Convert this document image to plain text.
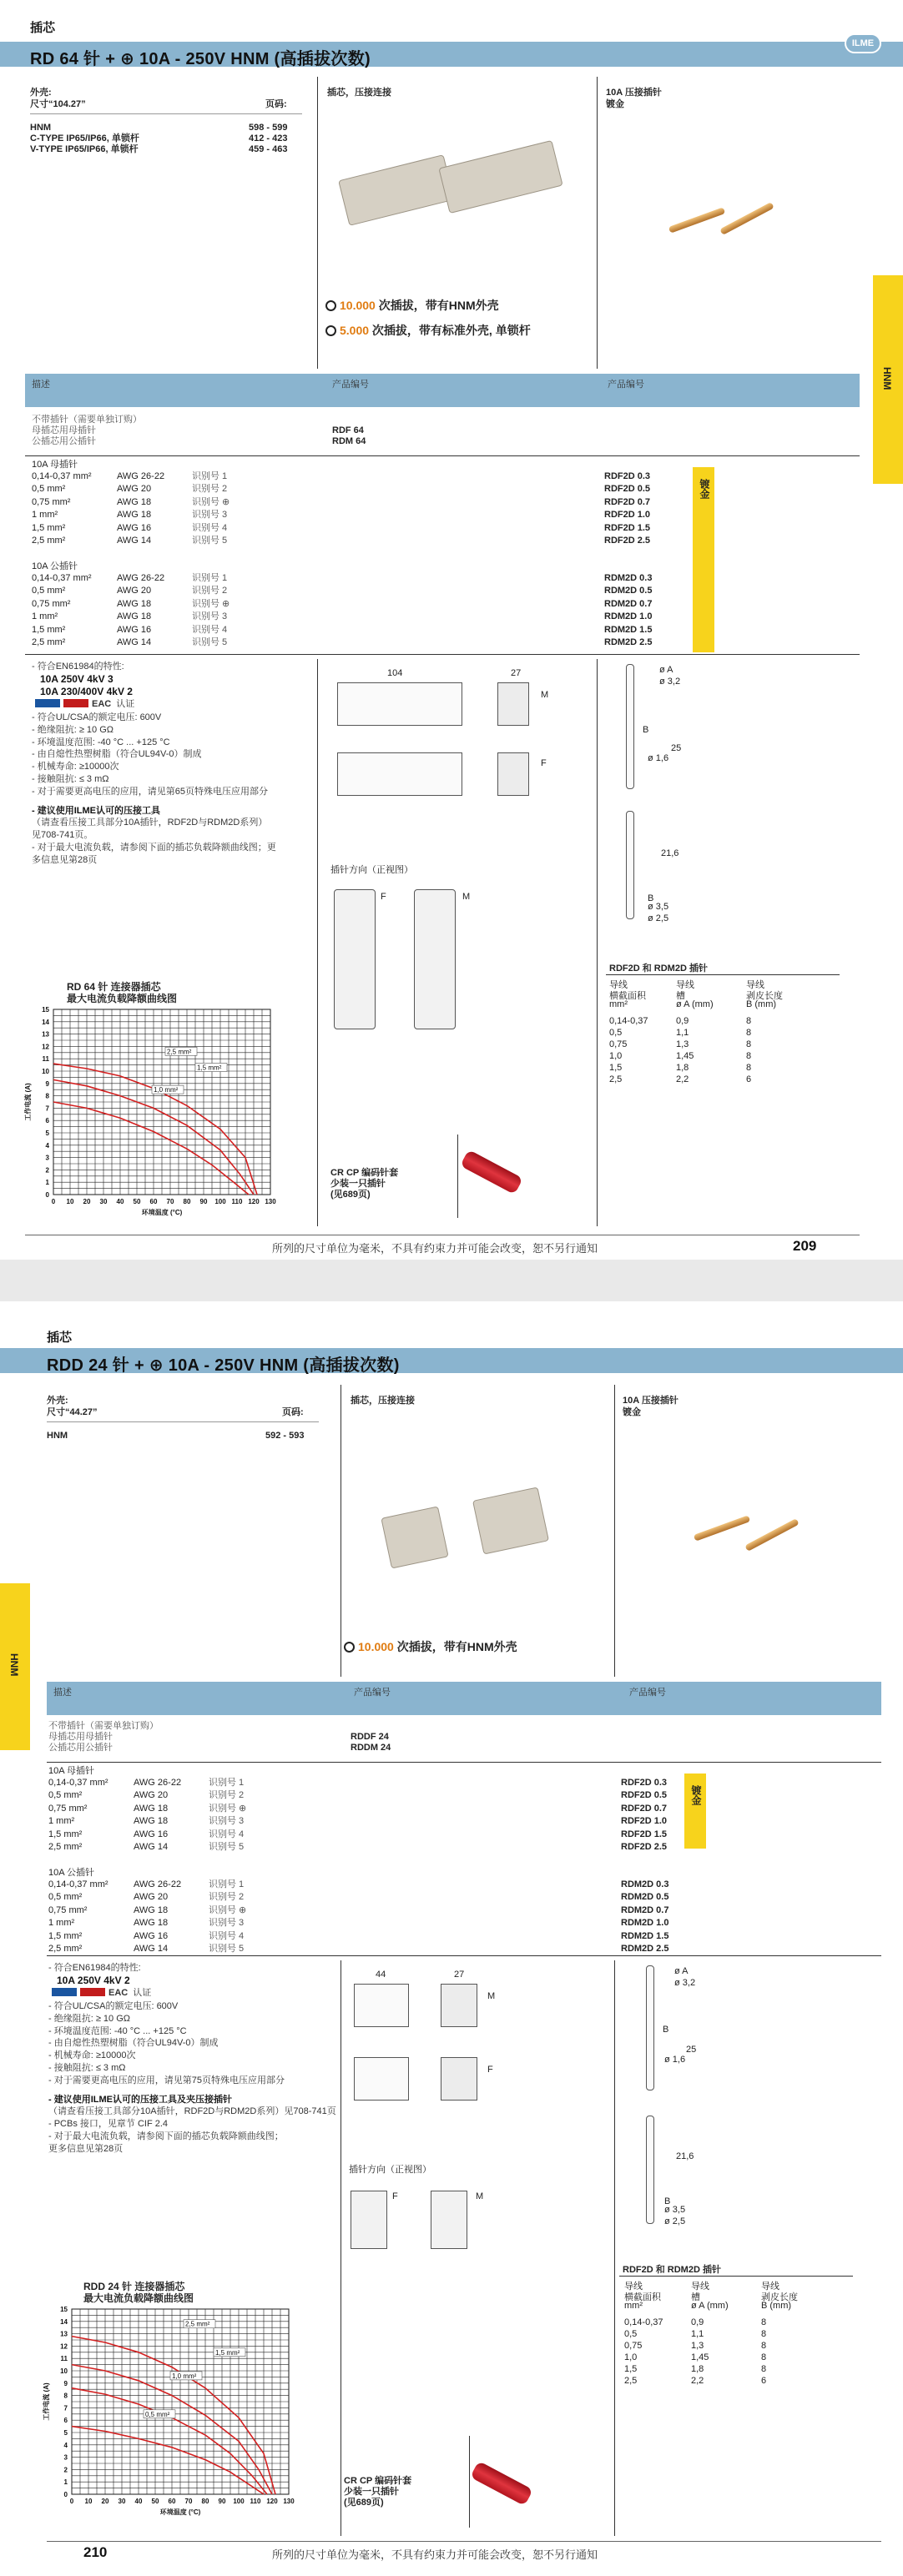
插芯
RD 64 针 + ⊕ 10A - 250V HNM (高插拔次数)
ILME
HNM
外壳:
尺寸“104.27”	页码:
HNM	598 - 599
C-TYPE IP65/IP66, 单锁杆	412 - 423
V-TYPE IP65/IP66, 单锁杆	459 - 463
插芯，压接连接
10.000 次插拔，带有HNM外壳
5.000 次插拔，带有标准外壳, 单锁杆
10A 压接插针
镀金
描述	产品编号	产品编号
不带插针（需要单独订购）
母插芯用母插针	RDF 64
公插芯用公插针	RDM 64
10A 母插针
0,14-0,37 mm²	AWG 26-22	识别号 1	RDF2D 0.3
0,5 mm²	AWG 20	识别号 2	RDF2D 0.5
0,75 mm²	AWG 18	识别号 ⊕	RDF2D 0.7
1 mm²	AWG 18	识别号 3	RDF2D 1.0
1,5 mm²	AWG 16	识别号 4	RDF2D 1.5
2,5 mm²	AWG 14	识别号 5	RDF2D 2.5
10A 公插针
0,14-0,37 mm²	AWG 26-22	识别号 1	RDM2D 0.3
0,5 mm²	AWG 20	识别号 2	RDM2D 0.5
0,75 mm²	AWG 18	识别号 ⊕	RDM2D 0.7
1 mm²	AWG 18	识别号 3	RDM2D 1.0
1,5 mm²	AWG 16	识别号 4	RDM2D 1.5
2,5 mm²	AWG 14	识别号 5	RDM2D 2.5
镀金
- 符合EN61984的特性:
10A 250V 4kV 3
10A 230/400V 4kV 2
EAC 认证
- 符合UL/CSA的额定电压: 600V
- 绝缘阻抗: ≥ 10 GΩ
- 环境温度范围: -40 °C ... +125 °C
- 由自熄性热塑树脂（符合UL94V-0）制成
- 机械寿命: ≥10000次
- 接触阻抗: ≤ 3 mΩ
- 对于需要更高电压的应用，请见第65页特殊电压应用部分
- 建议使用ILME认可的压接工具
（请查看压接工具部分10A插针，RDF2D与RDM2D系列）
见708-741页。
- 对于最大电流负载，请参阅下面的插芯负载降额曲线图；更
多信息见第28页
104	27
M
F
插针方向（正视图）
F	M
CR CP 编码针套
少装一只插针
(见689页)
ø A
ø 3,2
25
B
ø 1,6
21,6
B
ø 3,5
ø 2,5
RDF2D 和 RDM2D 插针
导线	导线	导线
横截面积	槽	剥皮长度
mm²	ø A (mm)	B (mm)
0,14-0,37	0,9	8
0,5	1,1	8
0,75	1,3	8
1,0	1,45	8
1,5	1,8	8
2,5	2,2	6
RD 64 针 连接器插芯
最大电流负载降额曲线图
0 10 20 30 40 50 60 70 80 90 100 110 120 130
0
1
2
3
4
5
6
7
8
9
10
11
12
13
14
15
环境温度 (°C)
工作电流 (A)
2,5 mm²
1,5 mm²
1,0 mm²
所列的尺寸单位为毫米，不具有约束力并可能会改变，恕不另行通知	209
插芯
RDD 24 针 + ⊕ 10A - 250V HNM (高插拔次数)
HNM
外壳:
尺寸“44.27”	页码:
HNM	592 - 593
插芯，压接连接
10.000 次插拔，带有HNM外壳
10A 压接插针
镀金
描述	产品编号	产品编号
不带插针（需要单独订购）
母插芯用母插针	RDDF 24
公插芯用公插针	RDDM 24
10A 母插针
0,14-0,37 mm²	AWG 26-22	识别号 1	RDF2D 0.3
0,5 mm²	AWG 20	识别号 2	RDF2D 0.5
0,75 mm²	AWG 18	识别号 ⊕	RDF2D 0.7
1 mm²	AWG 18	识别号 3	RDF2D 1.0
1,5 mm²	AWG 16	识别号 4	RDF2D 1.5
2,5 mm²	AWG 14	识别号 5	RDF2D 2.5
10A 公插针
0,14-0,37 mm²	AWG 26-22	识别号 1	RDM2D 0.3
0,5 mm²	AWG 20	识别号 2	RDM2D 0.5
0,75 mm²	AWG 18	识别号 ⊕	RDM2D 0.7
1 mm²	AWG 18	识别号 3	RDM2D 1.0
1,5 mm²	AWG 16	识别号 4	RDM2D 1.5
2,5 mm²	AWG 14	识别号 5	RDM2D 2.5
镀金
- 符合EN61984的特性:
10A 250V 4kV 2
EAC 认证
- 符合UL/CSA的额定电压: 600V
- 绝缘阻抗: ≥ 10 GΩ
- 环境温度范围: -40 °C ... +125 °C
- 由自熄性热塑树脂（符合UL94V-0）制成
- 机械寿命: ≥10000次
- 接触阻抗: ≤ 3 mΩ
- 对于需要更高电压的应用，请见第75页特殊电压应用部分
- 建议使用ILME认可的压接工具及夹压接插针
（请查看压接工具部分10A插针，RDF2D与RDM2D系列）见708-741页
- PCBs 接口，见章节 CIF 2.4
- 对于最大电流负载，请参阅下面的插芯负载降额曲线图；
更多信息见第28页
44	27
M
F
插针方向（正视图）
F	M
CR CP 编码针套
少装一只插针
(见689页)
ø A
ø 3,2
25
B
ø 1,6
21,6
B
ø 3,5
ø 2,5
RDF2D 和 RDM2D 插针
导线	导线	导线
横截面积	槽	剥皮长度
mm²	ø A (mm)	B (mm)
0,14-0,37	0,9	8
0,5	1,1	8
0,75	1,3	8
1,0	1,45	8
1,5	1,8	8
2,5	2,2	6
RDD 24 针 连接器插芯
最大电流负载降额曲线图
0 10 20 30 40 50 60 70 80 90 100 110 120 130
0
1
2
3
4
5
6
7
8
9
10
11
12
13
14
15
环境温度 (°C)
工作电流 (A)
2,5 mm²
1,5 mm²
1,0 mm²
0,5 mm²
210	所列的尺寸单位为毫米，不具有约束力并可能会改变，恕不另行通知
